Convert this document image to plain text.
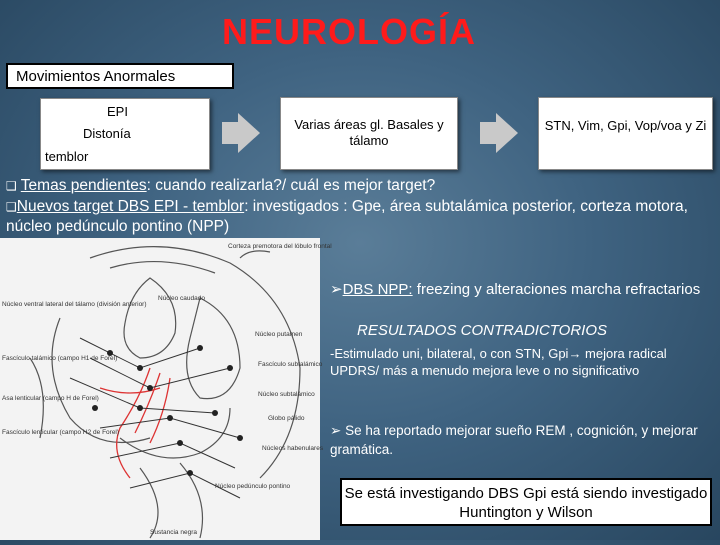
NEUROLOGÍA
Movimientos Anormales
EPI
Distonía
temblor
Varias áreas gl. Basales y tálamo
STN, Vim, Gpi, Vop/voa y Zi
❑ Temas pendientes: cuando realizarla?/ cuál es mejor target?
❑Nuevos target DBS EPI - temblor: investigados : Gpe, área subtalámica posterior, corteza motora, núcleo pedúnculo pontino (NPP)
Corteza premotora del lóbulo frontal
Núcleo ventral lateral del tálamo (división anterior)
Núcleo caudado
Núcleo putamen
Fascículo talámico (campo H1 de Forel)
Fascículo subtalámico
Asa lenticular (campo H de Forel)
Núcleo subtalámico
Fascículo lenticular (campo H2 de Forel)
Globo pálido
Núcleos habenulares
Núcleo pedúnculo pontino
Sustancia negra
➢DBS NPP: freezing y alteraciones marcha refractarios
RESULTADOS CONTRADICTORIOS
-Estimulado uni, bilateral, o con STN, Gpi→ mejora radical UPDRS/ más a menudo mejora leve o no significativo
➢ Se ha reportado mejorar sueño REM , cognición, y mejorar gramática.
Se está investigando DBS Gpi está siendo investigado Huntington y Wilson
